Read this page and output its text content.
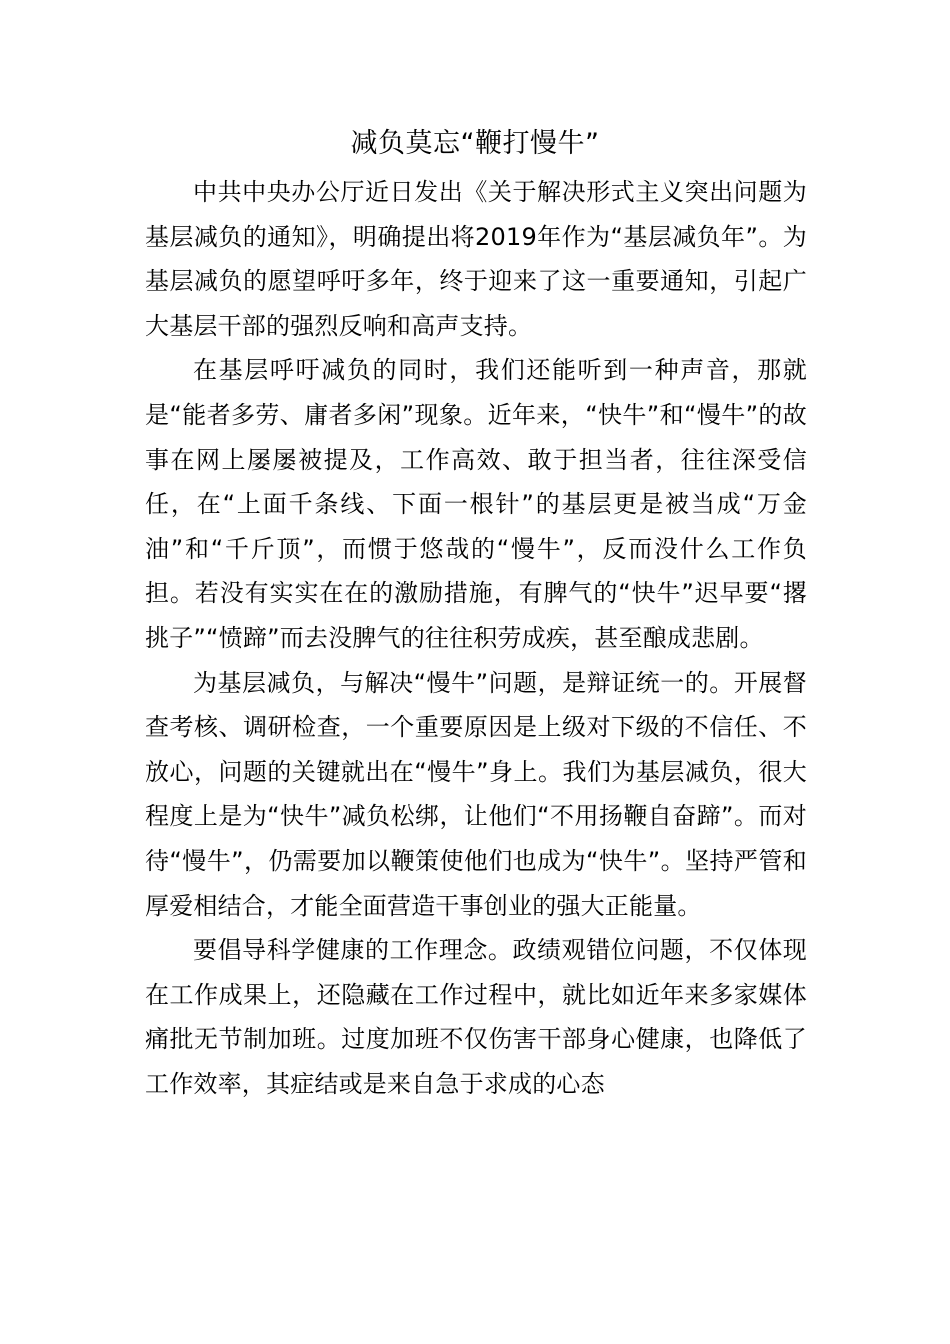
减负莫忘“鞭打慢牛”

中共中央办公厅近日发出《关于解决形式主义突出问题为基层减负的通知》，明确提出将2019年作为“基层减负年”。为基层减负的愿望呼吁多年，终于迎来了这一重要通知，引起广大基层干部的强烈反响和高声支持。

在基层呼吁减负的同时，我们还能听到一种声音，那就是“能者多劳、庸者多闲”现象。近年来，“快牛”和“慢牛”的故事在网上屡屡被提及，工作高效、敢于担当者，往往深受信任，在“上面千条线、下面一根针”的基层更是被当成“万金油”和“千斤顶”，而惯于悠哉的“慢牛”，反而没什么工作负担。若没有实实在在的激励措施，有脾气的“快牛”迟早要“撂挑子”“愤蹄”而去没脾气的往往积劳成疾，甚至酿成悲剧。

为基层减负，与解决“慢牛”问题，是辩证统一的。开展督查考核、调研检查，一个重要原因是上级对下级的不信任、不放心，问题的关键就出在“慢牛”身上。我们为基层减负，很大程度上是为“快牛”减负松绑，让他们“不用扬鞭自奋蹄”。而对待“慢牛”，仍需要加以鞭策使他们也成为“快牛”。坚持严管和厚爱相结合，才能全面营造干事创业的强大正能量。

要倡导科学健康的工作理念。政绩观错位问题，不仅体现在工作成果上，还隐藏在工作过程中，就比如近年来多家媒体痛批无节制加班。过度加班不仅伤害干部身心健康，也降低了工作效率，其症结或是来自急于求成的心态
